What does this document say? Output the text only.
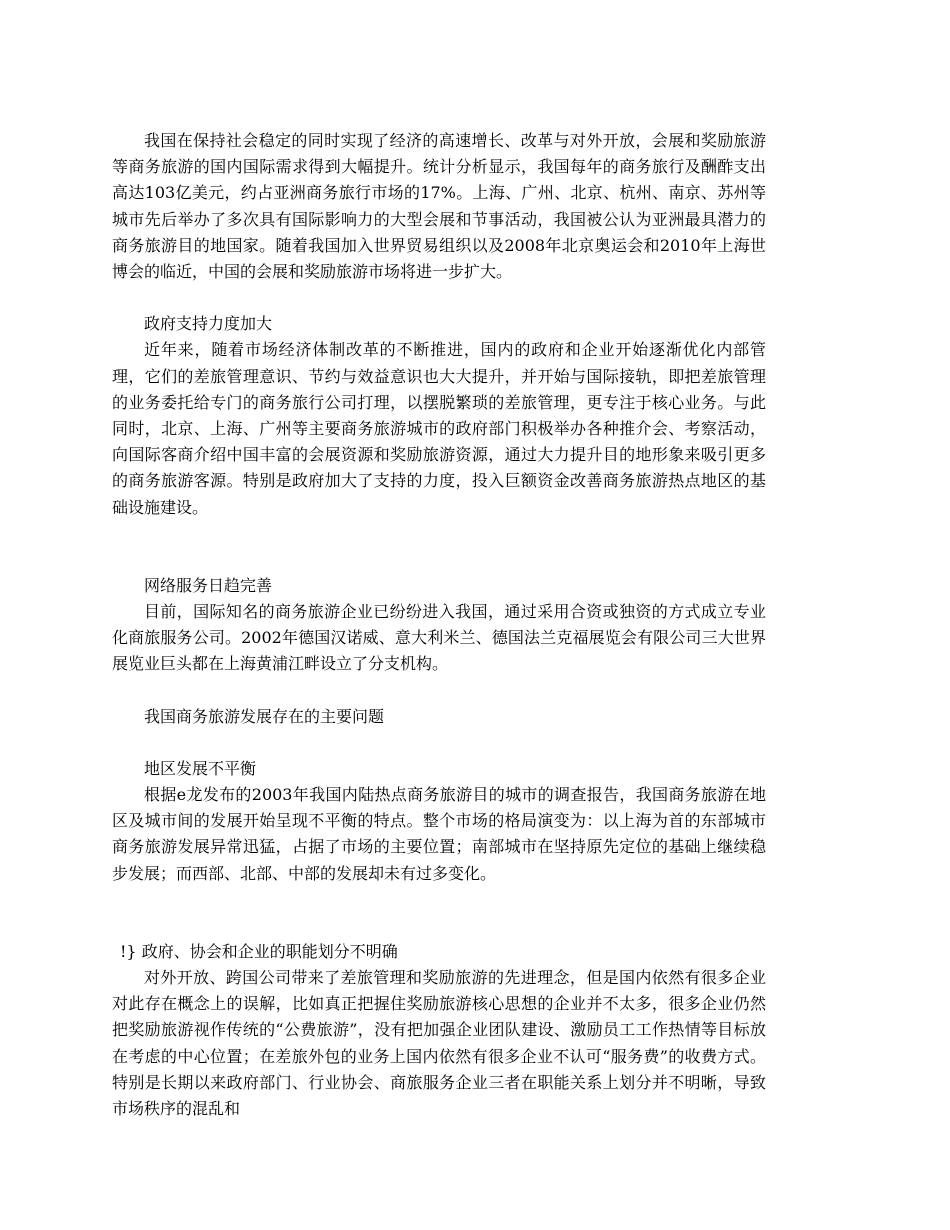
我国在保持社会稳定的同时实现了经济的高速增长、改革与对外开放，会展和奖励旅游等商务旅游的国内国际需求得到大幅提升。统计分析显示，我国每年的商务旅行及酬酢支出高达103亿美元，约占亚洲商务旅行市场的17%。上海、广州、北京、杭州、南京、苏州等城市先后举办了多次具有国际影响力的大型会展和节事活动，我国被公认为亚洲最具潜力的商务旅游目的地国家。随着我国加入世界贸易组织以及2008年北京奥运会和2010年上海世博会的临近，中国的会展和奖励旅游市场将进一步扩大。

政府支持力度加大

近年来，随着市场经济体制改革的不断推进，国内的政府和企业开始逐渐优化内部管理，它们的差旅管理意识、节约与效益意识也大大提升，并开始与国际接轨，即把差旅管理的业务委托给专门的商务旅行公司打理，以摆脱繁琐的差旅管理，更专注于核心业务。与此同时，北京、上海、广州等主要商务旅游城市的政府部门积极举办各种推介会、考察活动，向国际客商介绍中国丰富的会展资源和奖励旅游资源，通过大力提升目的地形象来吸引更多的商务旅游客源。特别是政府加大了支持的力度，投入巨额资金改善商务旅游热点地区的基础设施建设。

网络服务日趋完善

目前，国际知名的商务旅游企业已纷纷进入我国，通过采用合资或独资的方式成立专业化商旅服务公司。2002年德国汉诺威、意大利米兰、德国法兰克福展览会有限公司三大世界展览业巨头都在上海黄浦江畔设立了分支机构。

我国商务旅游发展存在的主要问题

地区发展不平衡

根据e龙发布的2003年我国内陆热点商务旅游目的城市的调查报告，我国商务旅游在地区及城市间的发展开始呈现不平衡的特点。整个市场的格局演变为：以上海为首的东部城市商务旅游发展异常迅猛，占据了市场的主要位置；南部城市在坚持原先定位的基础上继续稳步发展；而西部、北部、中部的发展却未有过多变化。

!} 政府、协会和企业的职能划分不明确

对外开放、跨国公司带来了差旅管理和奖励旅游的先进理念，但是国内依然有很多企业对此存在概念上的误解，比如真正把握住奖励旅游核心思想的企业并不太多，很多企业仍然把奖励旅游视作传统的“公费旅游”，没有把加强企业团队建设、激励员工工作热情等目标放在考虑的中心位置；在差旅外包的业务上国内依然有很多企业不认可“服务费”的收费方式。特别是长期以来政府部门、行业协会、商旅服务企业三者在职能关系上划分并不明晰，导致市场秩序的混乱和
